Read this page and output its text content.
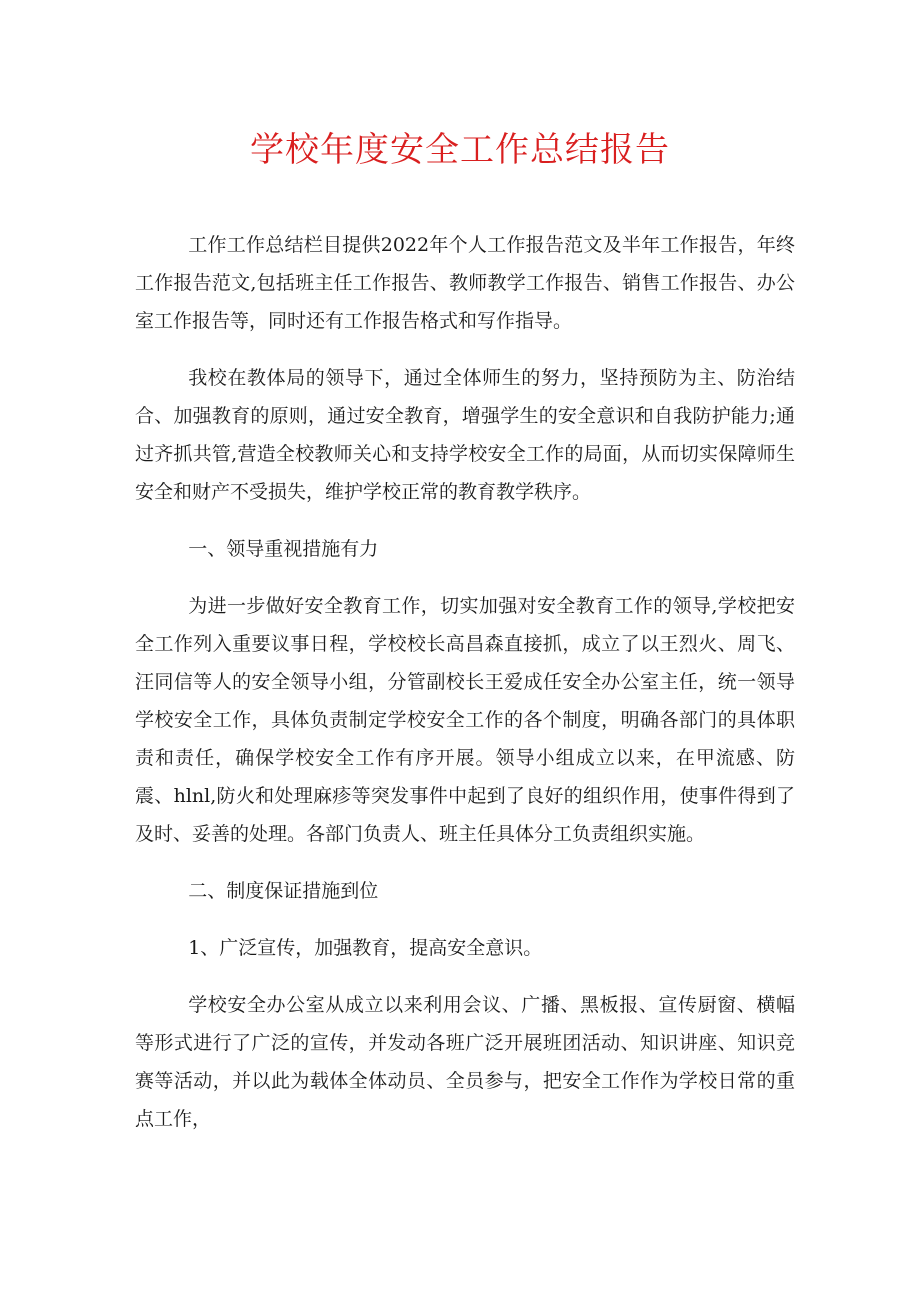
学校年度安全工作总结报告

工作工作总结栏目提供2022年个人工作报告范文及半年工作报告，年终工作报告范文,包括班主任工作报告、教师教学工作报告、销售工作报告、办公室工作报告等，同时还有工作报告格式和写作指导。

我校在教体局的领导下，通过全体师生的努力，坚持预防为主、防治结合、加强教育的原则，通过安全教育，增强学生的安全意识和自我防护能力;通过齐抓共管,营造全校教师关心和支持学校安全工作的局面，从而切实保障师生安全和财产不受损失，维护学校正常的教育教学秩序。

一、领导重视措施有力

为进一步做好安全教育工作，切实加强对安全教育工作的领导,学校把安全工作列入重要议事日程，学校校长高昌森直接抓，成立了以王烈火、周飞、汪同信等人的安全领导小组，分管副校长王爱成任安全办公室主任，统一领导学校安全工作，具体负责制定学校安全工作的各个制度，明确各部门的具体职责和责任，确保学校安全工作有序开展。领导小组成立以来，在甲流感、防震、hlnl,防火和处理麻疹等突发事件中起到了良好的组织作用，使事件得到了及时、妥善的处理。各部门负责人、班主任具体分工负责组织实施。

二、制度保证措施到位

1、广泛宣传，加强教育，提高安全意识。

学校安全办公室从成立以来利用会议、广播、黑板报、宣传厨窗、横幅等形式进行了广泛的宣传，并发动各班广泛开展班团活动、知识讲座、知识竞赛等活动，并以此为载体全体动员、全员参与，把安全工作作为学校日常的重点工作，
